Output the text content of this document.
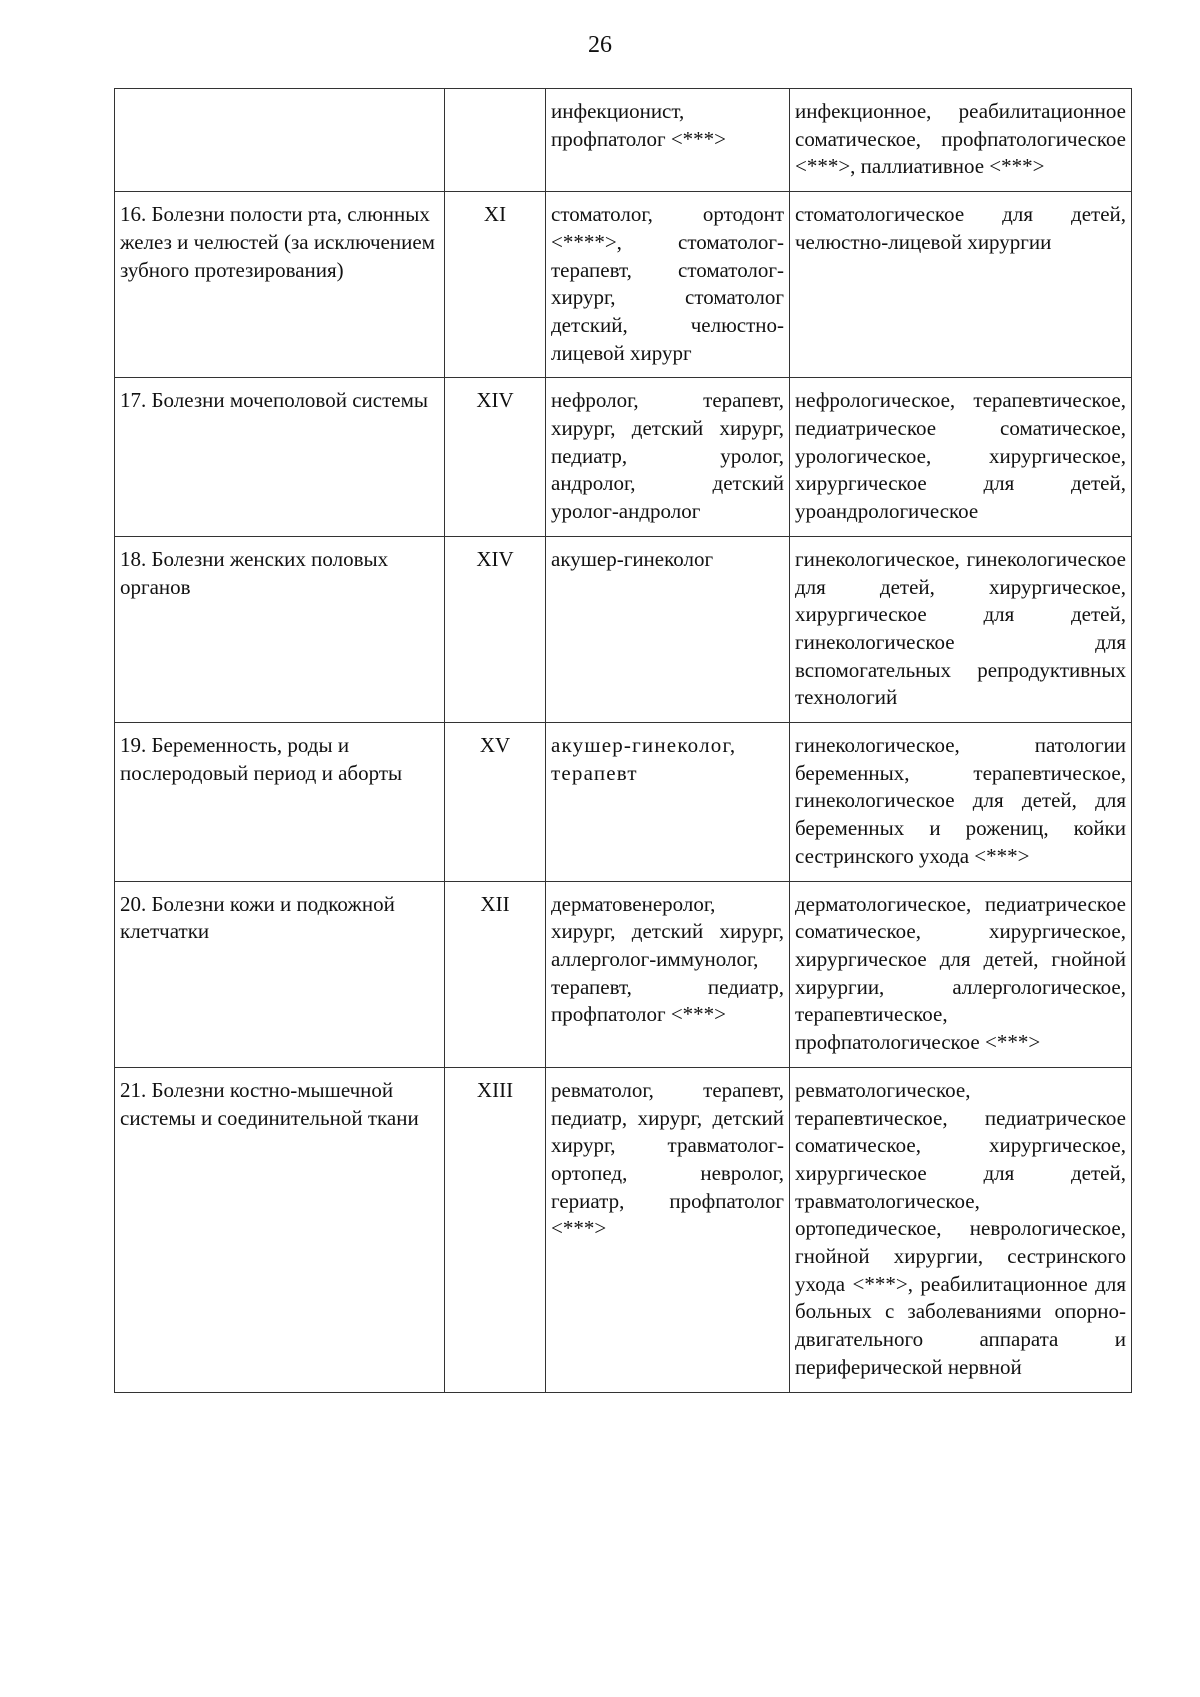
26

		инфекционист, профпатолог <***>	инфекционное, реабилитационное соматическое, профпатологическое <***>, паллиативное <***>

16. Болезни полости рта, слюнных желез и челюстей (за исключением зубного протезирования)	XI	стоматолог, ортодонт <****>, стоматолог-терапевт, стоматолог-хирург, стоматолог детский, челюстно-лицевой хирург	стоматологическое для детей, челюстно-лицевой хирургии

17. Болезни мочеполовой системы	XIV	нефролог, терапевт, хирург, детский хирург, педиатр, уролог, андролог, детский уролог-андролог	нефрологическое, терапевтическое, педиатрическое соматическое, урологическое, хирургическое, хирургическое для детей, уроандрологическое

18. Болезни женских половых органов	XIV	акушер-гинеколог	гинекологическое, гинекологическое для детей, хирургическое, хирургическое для детей, гинекологическое для вспомогательных репродуктивных технологий

19. Беременность, роды и послеродовый период и аборты	XV	акушер-гинеколог, терапевт	гинекологическое, патологии беременных, терапевтическое, гинекологическое для детей, для беременных и рожениц, койки сестринского ухода <***>

20. Болезни кожи и подкожной клетчатки	XII	дерматовенеролог, хирург, детский хирург, аллерголог-иммунолог, терапевт, педиатр, профпатолог <***>	дерматологическое, педиатрическое соматическое, хирургическое, хирургическое для детей, гнойной хирургии, аллергологическое, терапевтическое, профпатологическое <***>

21. Болезни костно-мышечной системы и соединительной ткани	XIII	ревматолог, терапевт, педиатр, хирург, детский хирург, травматолог-ортопед, невролог, гериатр, профпатолог <***>	ревматологическое, терапевтическое, педиатрическое соматическое, хирургическое, хирургическое для детей, травматологическое, ортопедическое, неврологическое, гнойной хирургии, сестринского ухода <***>, реабилитационное для больных с заболеваниями опорно-двигательного аппарата и периферической нервной
